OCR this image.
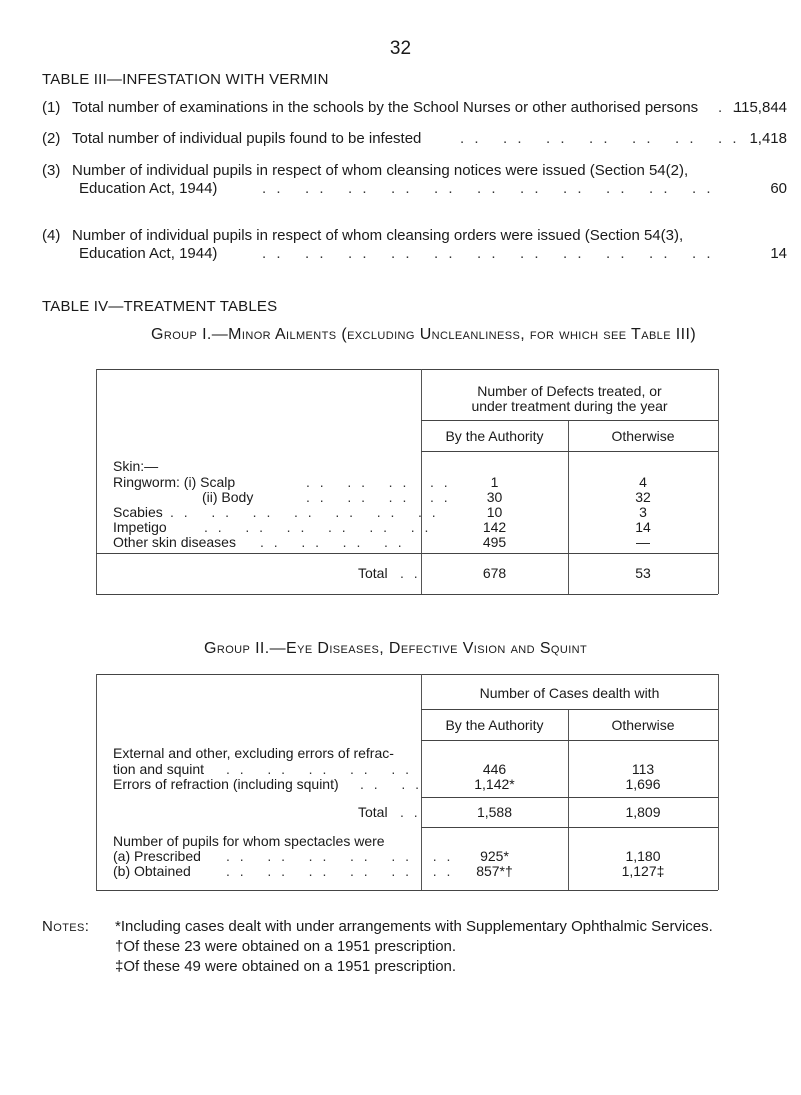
32
TABLE III—INFESTATION WITH VERMIN
(1) Total number of examinations in the schools by the School Nurses or other authorised persons . .
115,844
(2) Total number of individual pupils found to be infested	. .   . .   . .   . .   . .   . .   . . 1,418
(3) Number of individual pupils in respect of whom cleansing notices were issued (Section 54(2),
Education Act, 1944)	. .   . .   . .   . .   . .   . .   . .   . .   . .   . .   . .	60
(4) Number of individual pupils in respect of whom cleansing orders were issued (Section 54(3),
Education Act, 1944)	. .   . .   . .   . .   . .   . .   . .   . .   . .   . .   . .	14
TABLE IV—TREATMENT TABLES
Group I.—Minor Ailments (excluding Uncleanliness, for which see Table III)
Number of Defects treated, or
under treatment during the year
By the Authority	Otherwise
Skin:—
Ringworm: (i) Scalp	. .   . .   . .   . .	1	4
(ii) Body	. .   . .   . .   . .	30	32
Scabies . .   . .   . .   . .   . .   . .   . .	10	3
Impetigo	. .   . .   . .   . .   . .   . .	142	14
Other skin diseases . .   . .   . .   . .	495	—
Total . .	678	53
Group II.—Eye Diseases, Defective Vision and Squint
Number of Cases dealth with
By the Authority	Otherwise
External and other, excluding errors of refrac-
tion and squint . .   . .   . .   . .   . .	446	113
Errors of refraction (including squint) . .   . .	1,142*	1,696
Total . .	1,588	1,809
Number of pupils for whom spectacles were
(a) Prescribed . .   . .   . .   . .   . .   . .	925*	1,180
(b) Obtained	. .   . .   . .   . .   . .   . .	857*†	1,127‡
Notes: *Including cases dealt with under arrangements with Supplementary Ophthalmic Services.
†Of these 23 were obtained on a 1951 prescription.
‡Of these 49 were obtained on a 1951 prescription.
